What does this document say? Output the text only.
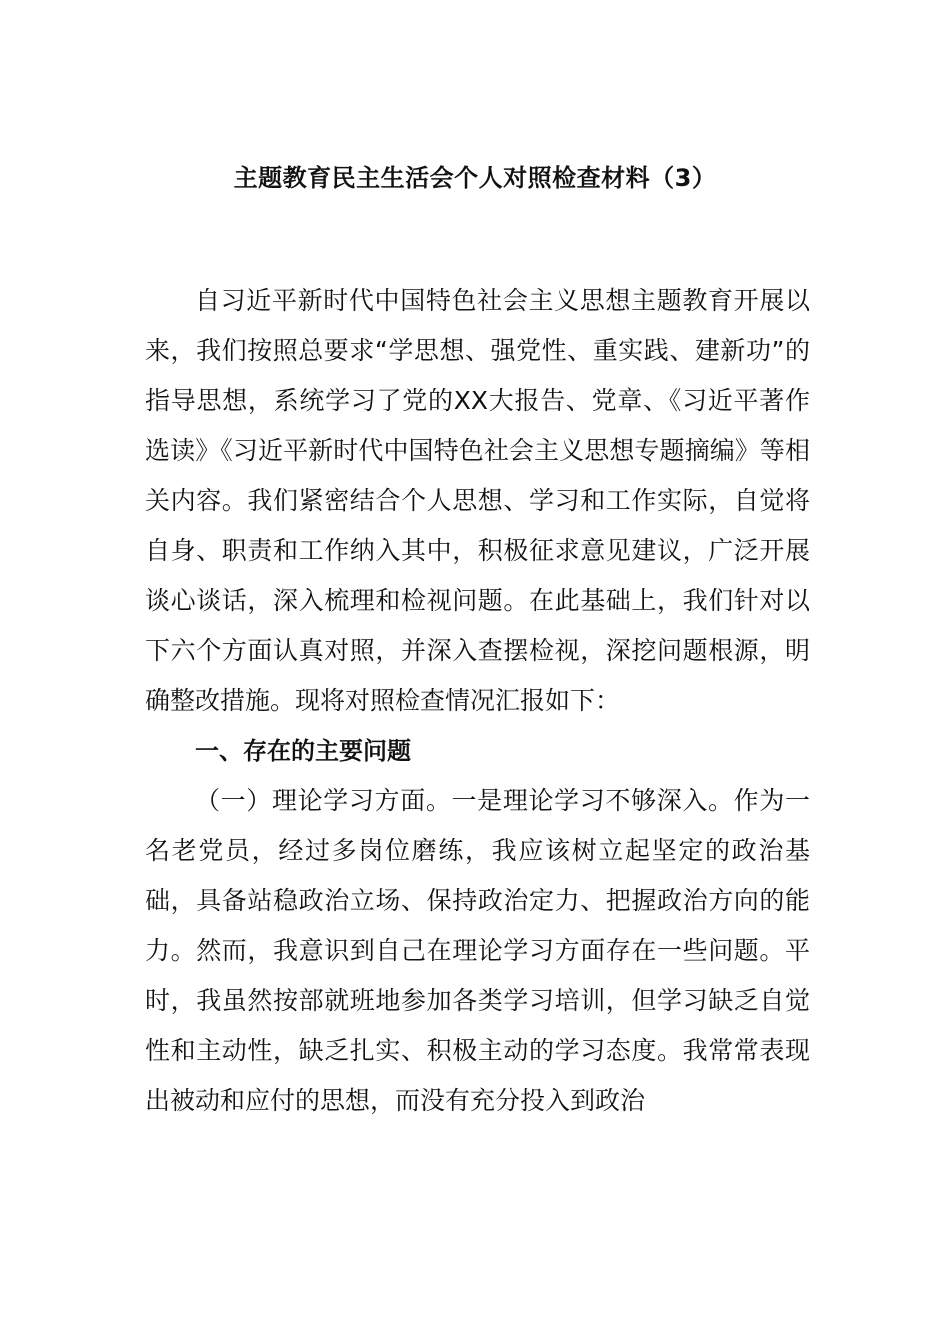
主题教育民主生活会个人对照检查材料（3）

自习近平新时代中国特色社会主义思想主题教育开展以来，我们按照总要求“学思想、强党性、重实践、建新功”的指导思想，系统学习了党的XX大报告、党章、《习近平著作选读》《习近平新时代中国特色社会主义思想专题摘编》等相关内容。我们紧密结合个人思想、学习和工作实际，自觉将自身、职责和工作纳入其中，积极征求意见建议，广泛开展谈心谈话，深入梳理和检视问题。在此基础上，我们针对以下六个方面认真对照，并深入查摆检视，深挖问题根源，明确整改措施。现将对照检查情况汇报如下：

一、存在的主要问题

（一）理论学习方面。一是理论学习不够深入。作为一名老党员，经过多岗位磨练，我应该树立起坚定的政治基础，具备站稳政治立场、保持政治定力、把握政治方向的能力。然而，我意识到自己在理论学习方面存在一些问题。平时，我虽然按部就班地参加各类学习培训，但学习缺乏自觉性和主动性，缺乏扎实、积极主动的学习态度。我常常表现出被动和应付的思想，而没有充分投入到政治
